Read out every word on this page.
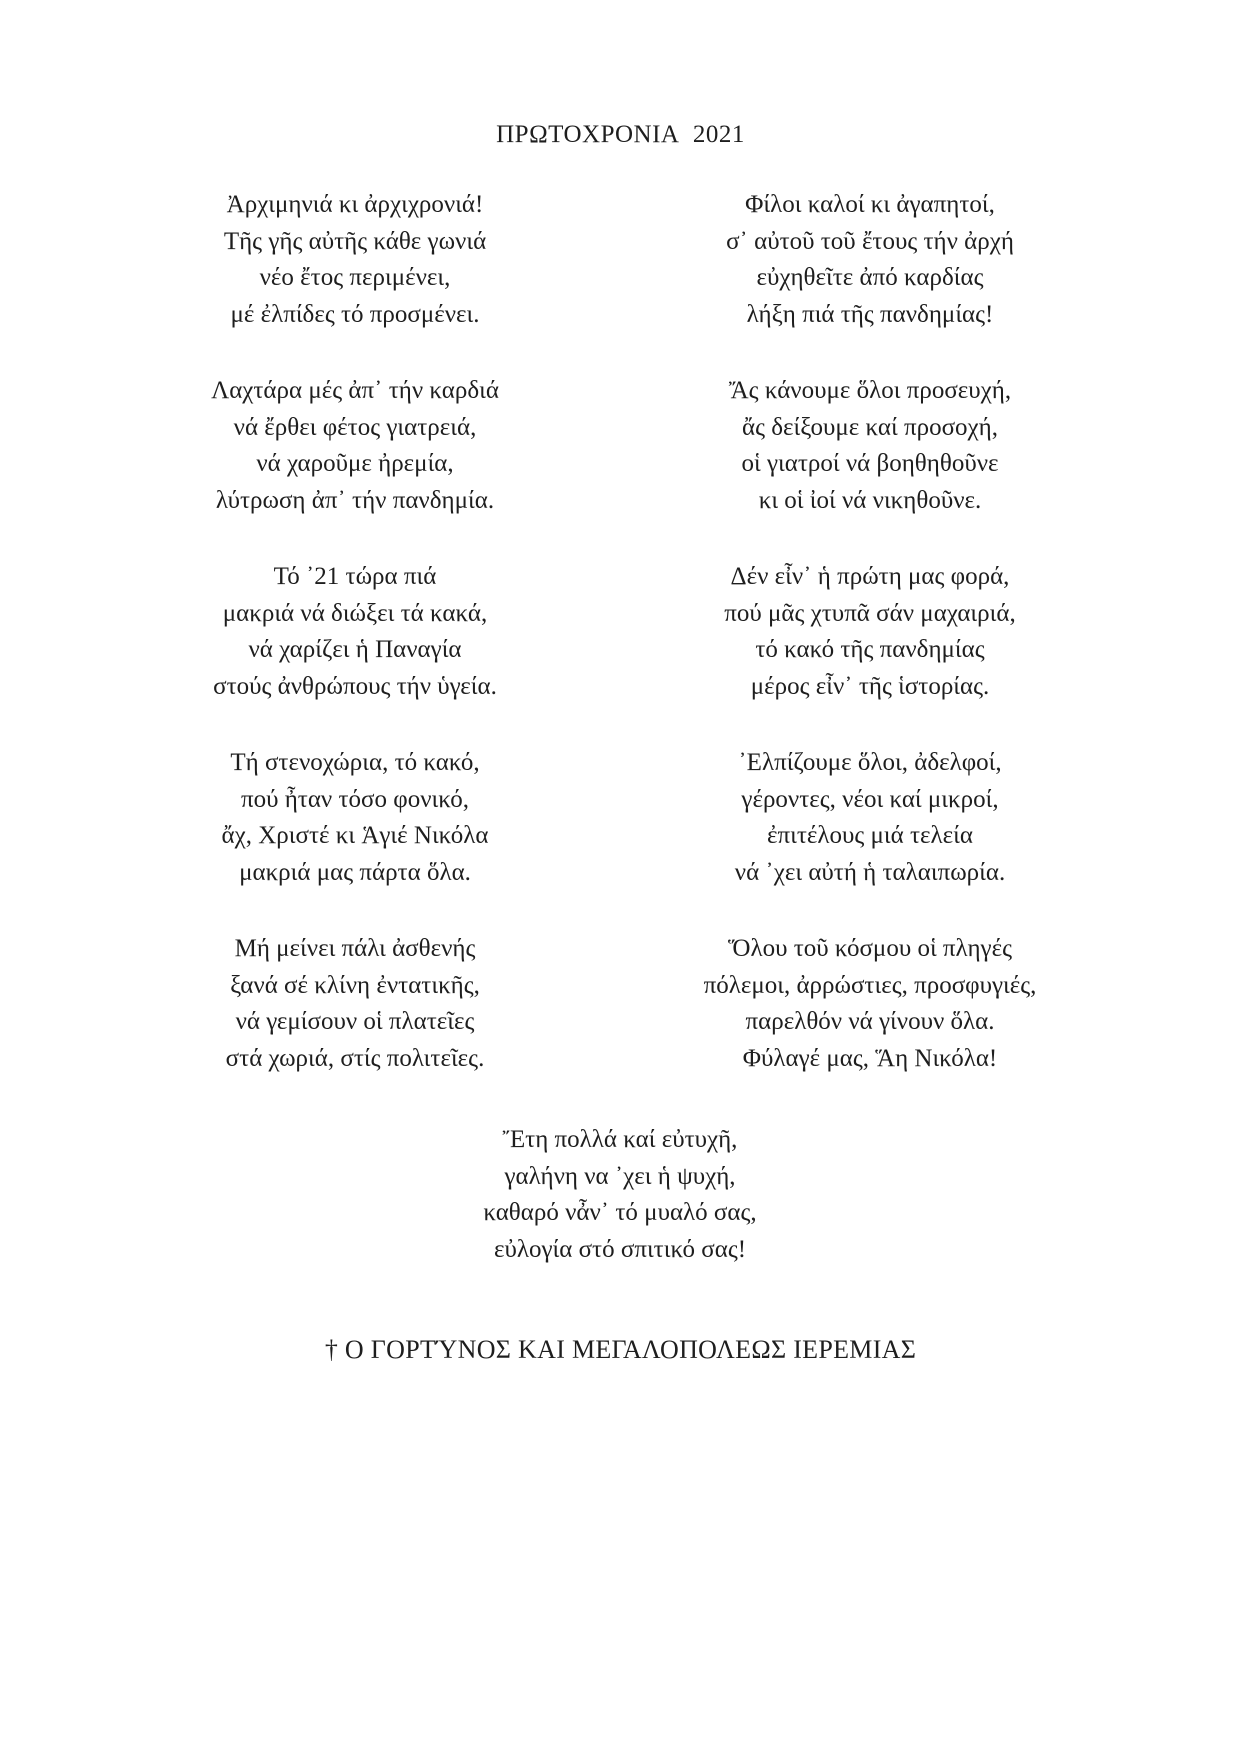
ΠΡΩΤΟΧΡΟΝΙΑ 2021
Ἀρχιμηνιά κι ἀρχιχρονιά!
Τῆς γῆς αὐτῆς κάθε γωνιά
νέο ἔτος περιμένει,
μέ ἐλπίδες τό προσμένει.
Λαχτάρα μές ἀπ᾿ τήν καρδιά
νά ἔρθει φέτος γιατρειά,
νά χαροῦμε ἠρεμία,
λύτρωση ἀπ᾿ τήν πανδημία.
Τό ᾿21 τώρα πιά
μακριά νά διώξει τά κακά,
νά χαρίζει ἡ Παναγία
στούς ἀνθρώπους τήν ὑγεία.
Τή στενοχώρια, τό κακό,
πού ἦταν τόσο φονικό,
ἄχ, Χριστέ κι Ἁγιέ Νικόλα
μακριά μας πάρτα ὅλα.
Μή μείνει πάλι ἀσθενής
ξανά σέ κλίνη ἐντατικῆς,
νά γεμίσουν οἱ πλατεῖες
στά χωριά, στίς πολιτεῖες.
Φίλοι καλοί κι ἀγαπητοί,
σ᾿ αὐτοῦ τοῦ ἔτους τήν ἀρχή
εὐχηθεῖτε ἀπό καρδίας
λήξη πιά τῆς πανδημίας!
Ἄς κάνουμε ὅλοι προσευχή,
ἄς δείξουμε καί προσοχή,
οἱ γιατροί νά βοηθηθοῦνε
κι οἱ ἰοί νά νικηθοῦνε.
Δέν εἶν᾿ ἡ πρώτη μας φορά,
πού μᾶς χτυπᾶ σάν μαχαιριά,
τό κακό τῆς πανδημίας
μέρος εἶν᾿ τῆς ἱστορίας.
᾿Ελπίζουμε ὅλοι, ἀδελφοί,
γέροντες, νέοι καί μικροί,
ἐπιτέλους μιά τελεία
νά ᾿χει αὐτή ἡ ταλαιπωρία.
Ὅλου τοῦ κόσμου οἱ πληγές
πόλεμοι, ἀρρώστιες, προσφυγιές,
παρελθόν νά γίνουν ὅλα.
Φύλαγέ μας, Ἅη Νικόλα!
Ἔτη πολλά καί εὐτυχῆ,
γαλήνη να ᾿χει ἡ ψυχή,
καθαρό νἆν᾿ τό μυαλό σας,
εὐλογία στό σπιτικό σας!
† Ο ΓΟΡΤΎΝΟΣ ΚΑΙ ΜΕΓΑΛΟΠΟΛΕΩΣ ΙΕΡΕΜΙΑΣ
